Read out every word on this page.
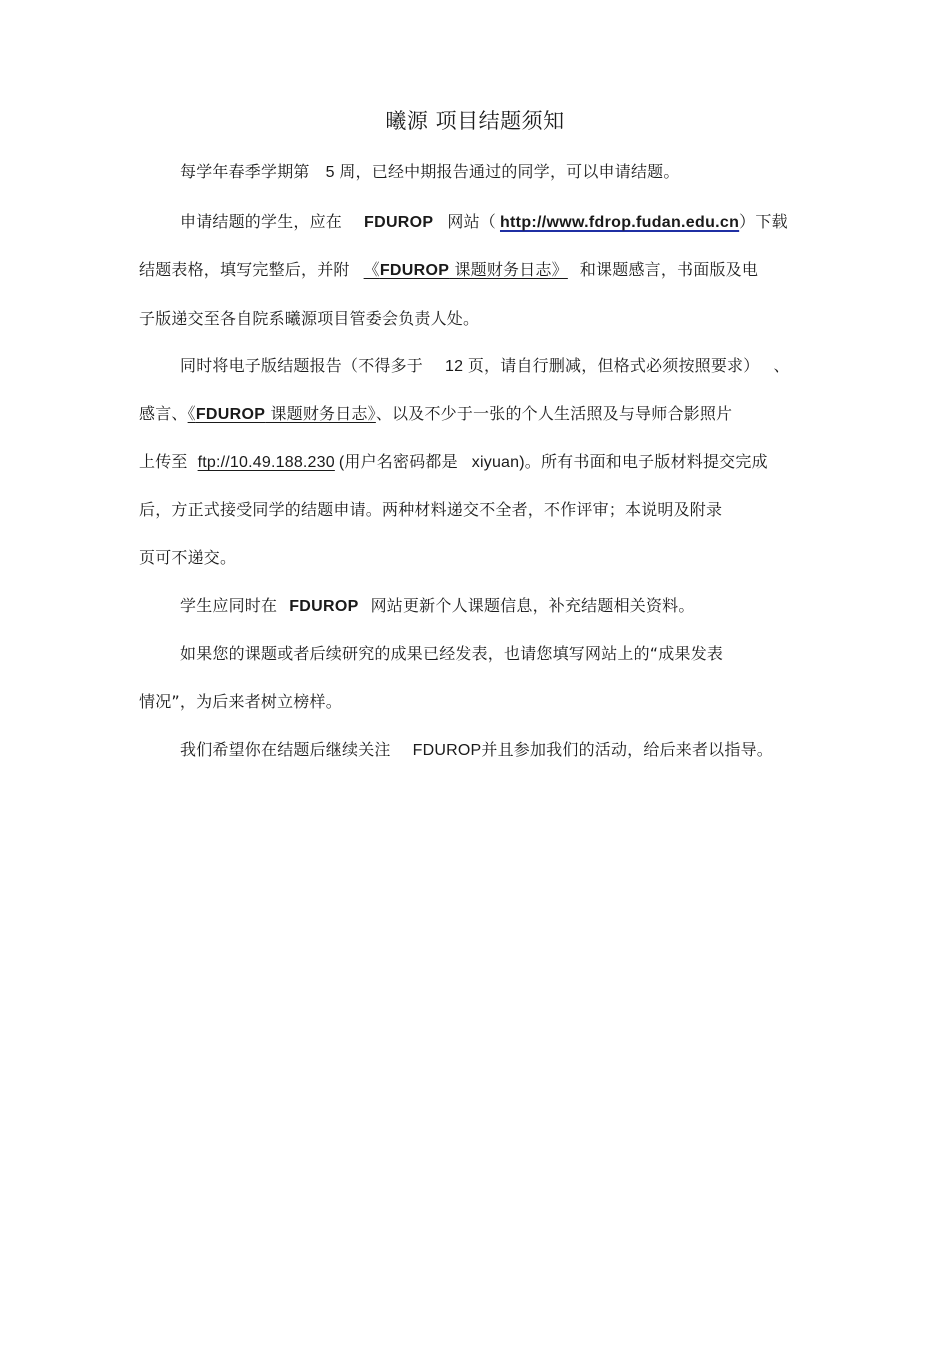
曦源 项目结题须知
每学年春季学期第 5 周，已经中期报告通过的同学，可以申请结题。
申请结题的学生，应在 FDUROP 网站（ http://www.fdrop.fudan.edu.cn）下载
结题表格，填写完整后，并附 《FDUROP 课题财务日志》 和课题感言，书面版及电
子版递交至各自院系曦源项目管委会负责人处。
同时将电子版结题报告（不得多于 12 页，请自行删减，但格式必须按照要求） 、
感言、《FDUROP 课题财务日志》、以及不少于一张的个人生活照及与导师合影照片
上传至 ftp://10.49.188.230 (用户名密码都是 xiyuan)。所有书面和电子版材料提交完成
后，方正式接受同学的结题申请。两种材料递交不全者，不作评审；本说明及附录
页可不递交。
学生应同时在 FDUROP 网站更新个人课题信息，补充结题相关资料。
如果您的课题或者后续研究的成果已经发表，也请您填写网站上的“成果发表
情况”，为后来者树立榜样。
我们希望你在结题后继续关注 FDUROP并且参加我们的活动，给后来者以指导。
